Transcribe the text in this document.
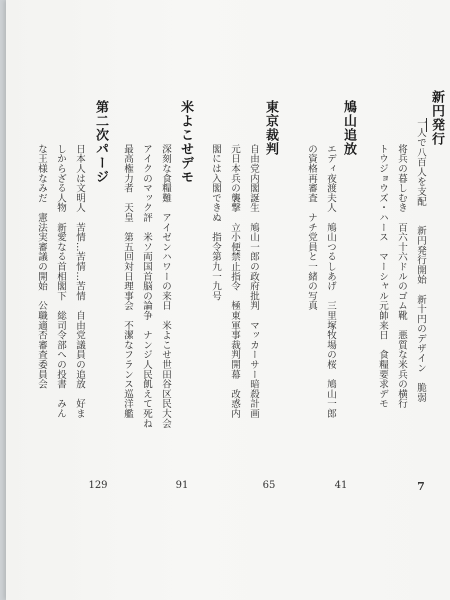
新円発行
一人で八百人を支配　　新円発行開始　新十円のデザイン　脆弱
将兵の暮しむき　百六十六ドルのゴム靴　悪質な米兵の横行
トウジョウズ・ハース　マーシャル元帥来日　食糧要求デモ
鳩山追放
エディ夜渡夫人　鳩山つるしあげ　三里塚牧場の桜　鳩山一郎
の資格再審査　ナチ党員と一緒の写真
東京裁判
自由党内閣誕生　鳩山一郎の政府批判　マッカーサー暗殺計画
元日本兵の襲撃　立小便禁止指令　極東軍事裁判開幕　改惑内
閣には入閣できぬ　指令第九一九号
米よこせデモ
深刻な食糧難　アイゼンハワーの来日　米よこせ世田谷区民大会
アイクのマック評　米ソ両国首脳の論争　ナンジ人民飢えて死ね
最高権力者　天皇　第五回対日理事会　不潔なフランス巡洋艦
第二次パージ
日本人は文明人　苦情…苦情…苦情　自由党議員の追放　好ま
しからざる人物　新愛なる首相閣下　総司令部への投書　みん
な王様なみだ　憲法実審議の開始　公職適否審査委員会
7
41
65
91
129
